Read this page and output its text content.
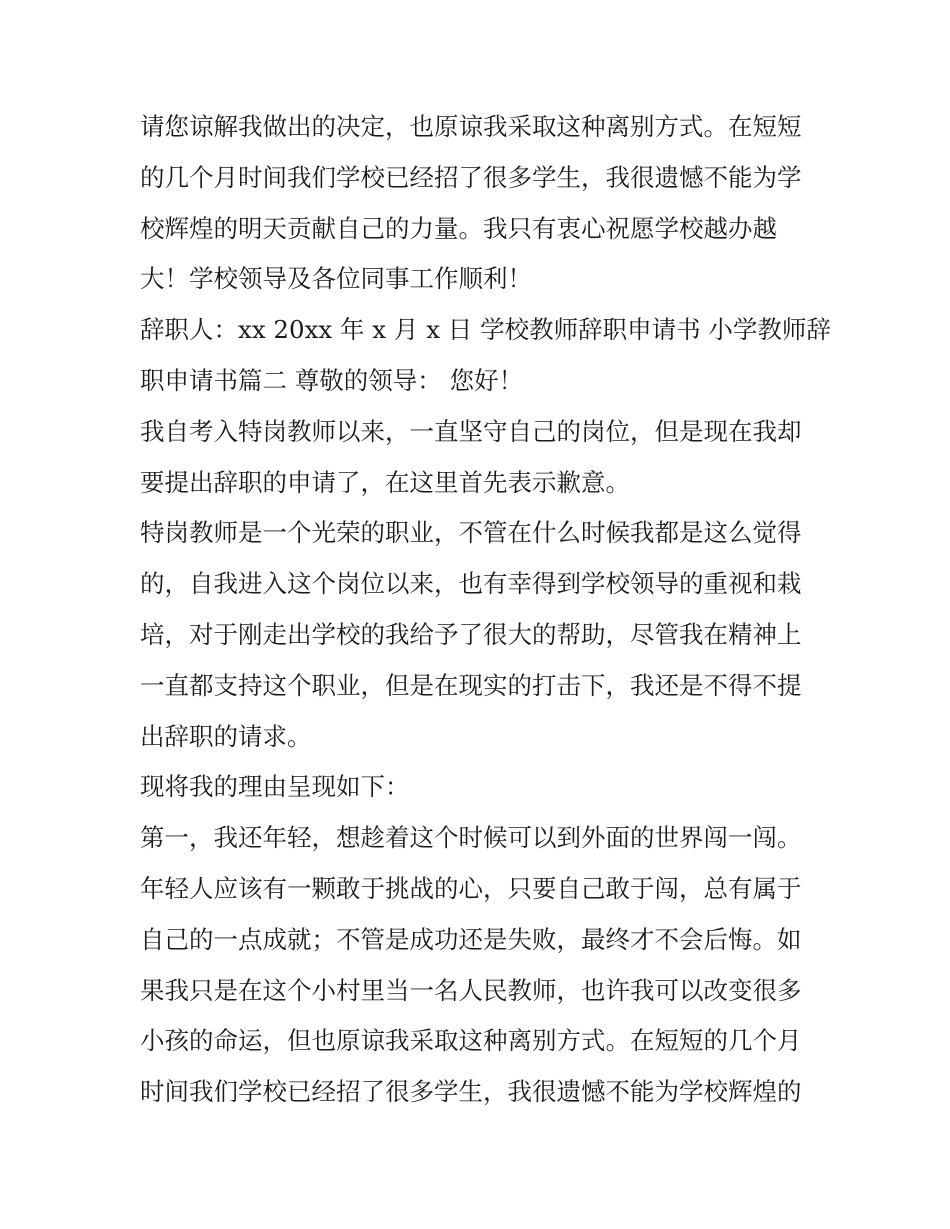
请您谅解我做出的决定，也原谅我采取这种离别方式。在短短
的几个月时间我们学校已经招了很多学生，我很遗憾不能为学
校辉煌的明天贡献自己的力量。我只有衷心祝愿学校越办越
大！学校领导及各位同事工作顺利！
辞职人：xx 20xx 年 x 月 x 日 学校教师辞职申请书 小学教师辞
职申请书篇二 尊敬的领导： 您好！
我自考入特岗教师以来，一直坚守自己的岗位，但是现在我却
要提出辞职的申请了，在这里首先表示歉意。
特岗教师是一个光荣的职业，不管在什么时候我都是这么觉得
的，自我进入这个岗位以来，也有幸得到学校领导的重视和栽
培，对于刚走出学校的我给予了很大的帮助，尽管我在精神上
一直都支持这个职业，但是在现实的打击下，我还是不得不提
出辞职的请求。
现将我的理由呈现如下：
第一，我还年轻，想趁着这个时候可以到外面的世界闯一闯。
年轻人应该有一颗敢于挑战的心，只要自己敢于闯，总有属于
自己的一点成就；不管是成功还是失败，最终才不会后悔。如
果我只是在这个小村里当一名人民教师，也许我可以改变很多
小孩的命运，但也原谅我采取这种离别方式。在短短的几个月
时间我们学校已经招了很多学生，我很遗憾不能为学校辉煌的
